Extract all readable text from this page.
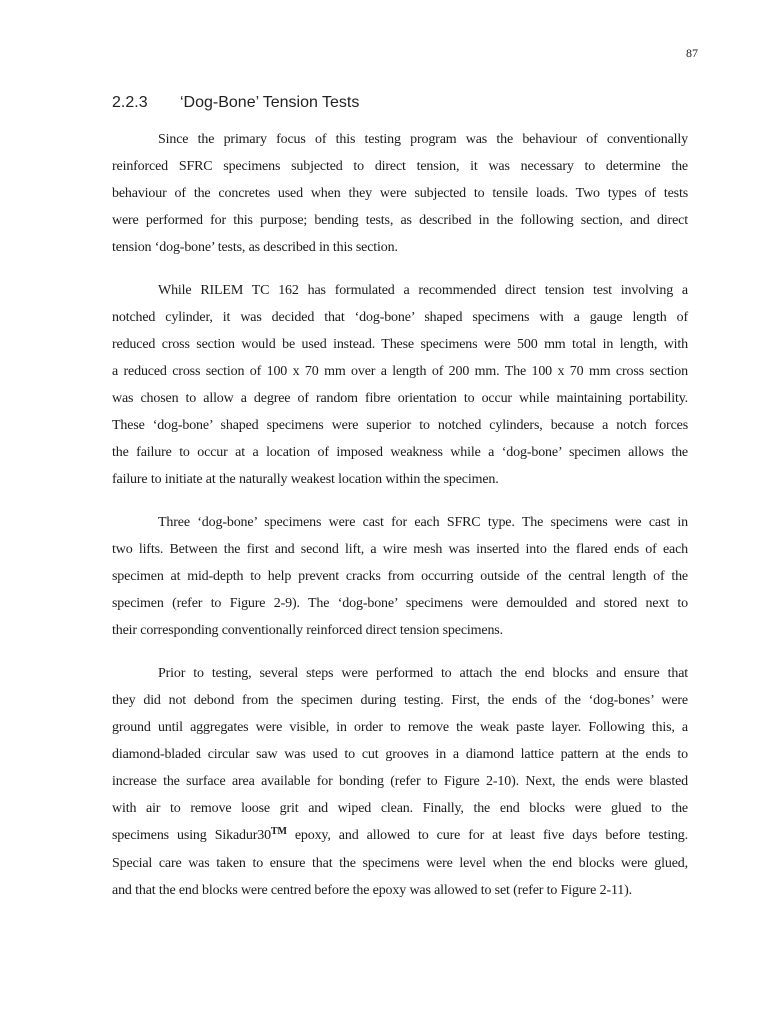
87
2.2.3 ‘Dog-Bone’ Tension Tests
Since the primary focus of this testing program was the behaviour of conventionally
reinforced SFRC specimens subjected to direct tension, it was necessary to determine the
behaviour of the concretes used when they were subjected to tensile loads. Two types of tests
were performed for this purpose; bending tests, as described in the following section, and direct
tension ‘dog-bone’ tests, as described in this section.
While RILEM TC 162 has formulated a recommended direct tension test involving a
notched cylinder, it was decided that ‘dog-bone’ shaped specimens with a gauge length of
reduced cross section would be used instead. These specimens were 500 mm total in length, with
a reduced cross section of 100 x 70 mm over a length of 200 mm. The 100 x 70 mm cross section
was chosen to allow a degree of random fibre orientation to occur while maintaining portability.
These ‘dog-bone’ shaped specimens were superior to notched cylinders, because a notch forces
the failure to occur at a location of imposed weakness while a ‘dog-bone’ specimen allows the
failure to initiate at the naturally weakest location within the specimen.
Three ‘dog-bone’ specimens were cast for each SFRC type. The specimens were cast in
two lifts. Between the first and second lift, a wire mesh was inserted into the flared ends of each
specimen at mid-depth to help prevent cracks from occurring outside of the central length of the
specimen (refer to Figure 2-9). The ‘dog-bone’ specimens were demoulded and stored next to
their corresponding conventionally reinforced direct tension specimens.
Prior to testing, several steps were performed to attach the end blocks and ensure that
they did not debond from the specimen during testing. First, the ends of the ‘dog-bones’ were
ground until aggregates were visible, in order to remove the weak paste layer. Following this, a
diamond-bladed circular saw was used to cut grooves in a diamond lattice pattern at the ends to
increase the surface area available for bonding (refer to Figure 2-10). Next, the ends were blasted
with air to remove loose grit and wiped clean. Finally, the end blocks were glued to the
specimens using Sikadur30™ epoxy, and allowed to cure for at least five days before testing.
Special care was taken to ensure that the specimens were level when the end blocks were glued,
and that the end blocks were centred before the epoxy was allowed to set (refer to Figure 2-11).
